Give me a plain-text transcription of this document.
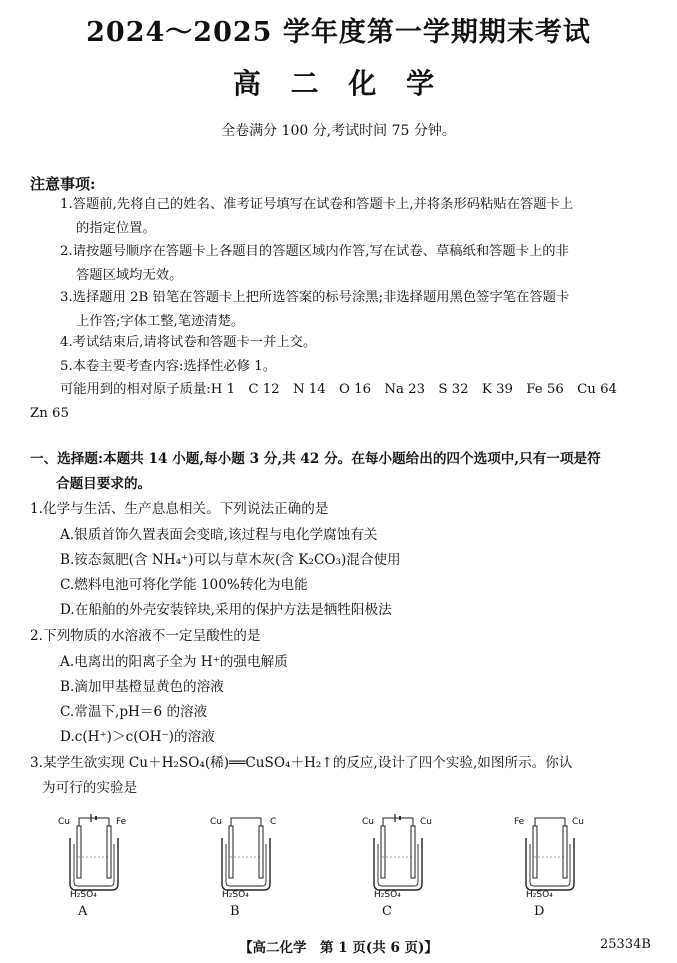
2024～2025 学年度第一学期期末考试
高 二 化 学
全卷满分 100 分,考试时间 75 分钟。
注意事项:
1.答题前,先将自己的姓名、准考证号填写在试卷和答题卡上,并将条形码粘贴在答题卡上
的指定位置。
2.请按题号顺序在答题卡上各题目的答题区域内作答,写在试卷、草稿纸和答题卡上的非
答题区域均无效。
3.选择题用 2B 铅笔在答题卡上把所选答案的标号涂黑;非选择题用黑色签字笔在答题卡
上作答;字体工整,笔迹清楚。
4.考试结束后,请将试卷和答题卡一并上交。
5.本卷主要考查内容:选择性必修 1。
可能用到的相对原子质量:H 1　C 12　N 14　O 16　Na 23　S 32　K 39　Fe 56　Cu 64
Zn 65
一、选择题:本题共 14 小题,每小题 3 分,共 42 分。在每小题给出的四个选项中,只有一项是符
合题目要求的。
1.化学与生活、生产息息相关。下列说法正确的是
A.银质首饰久置表面会变暗,该过程与电化学腐蚀有关
B.铵态氮肥(含 NH₄⁺)可以与草木灰(含 K₂CO₃)混合使用
C.燃料电池可将化学能 100%转化为电能
D.在船舶的外壳安装锌块,采用的保护方法是牺牲阳极法
2.下列物质的水溶液不一定呈酸性的是
A.电离出的阳离子全为 H⁺的强电解质
B.滴加甲基橙显黄色的溶液
C.常温下,pH＝6 的溶液
D.c(H⁺)＞c(OH⁻)的溶液
3.某学生欲实现 Cu＋H₂SO₄(稀)══CuSO₄＋H₂↑的反应,设计了四个实验,如图所示。你认
为可行的实验是
Cu	Fe
H₂SO₄
A
Cu	C
H₂SO₄
B
Cu	Cu
H₂SO₄
C
Fe	Cu
H₂SO₄
D
【高二化学　第 1 页(共 6 页)】	25334B
